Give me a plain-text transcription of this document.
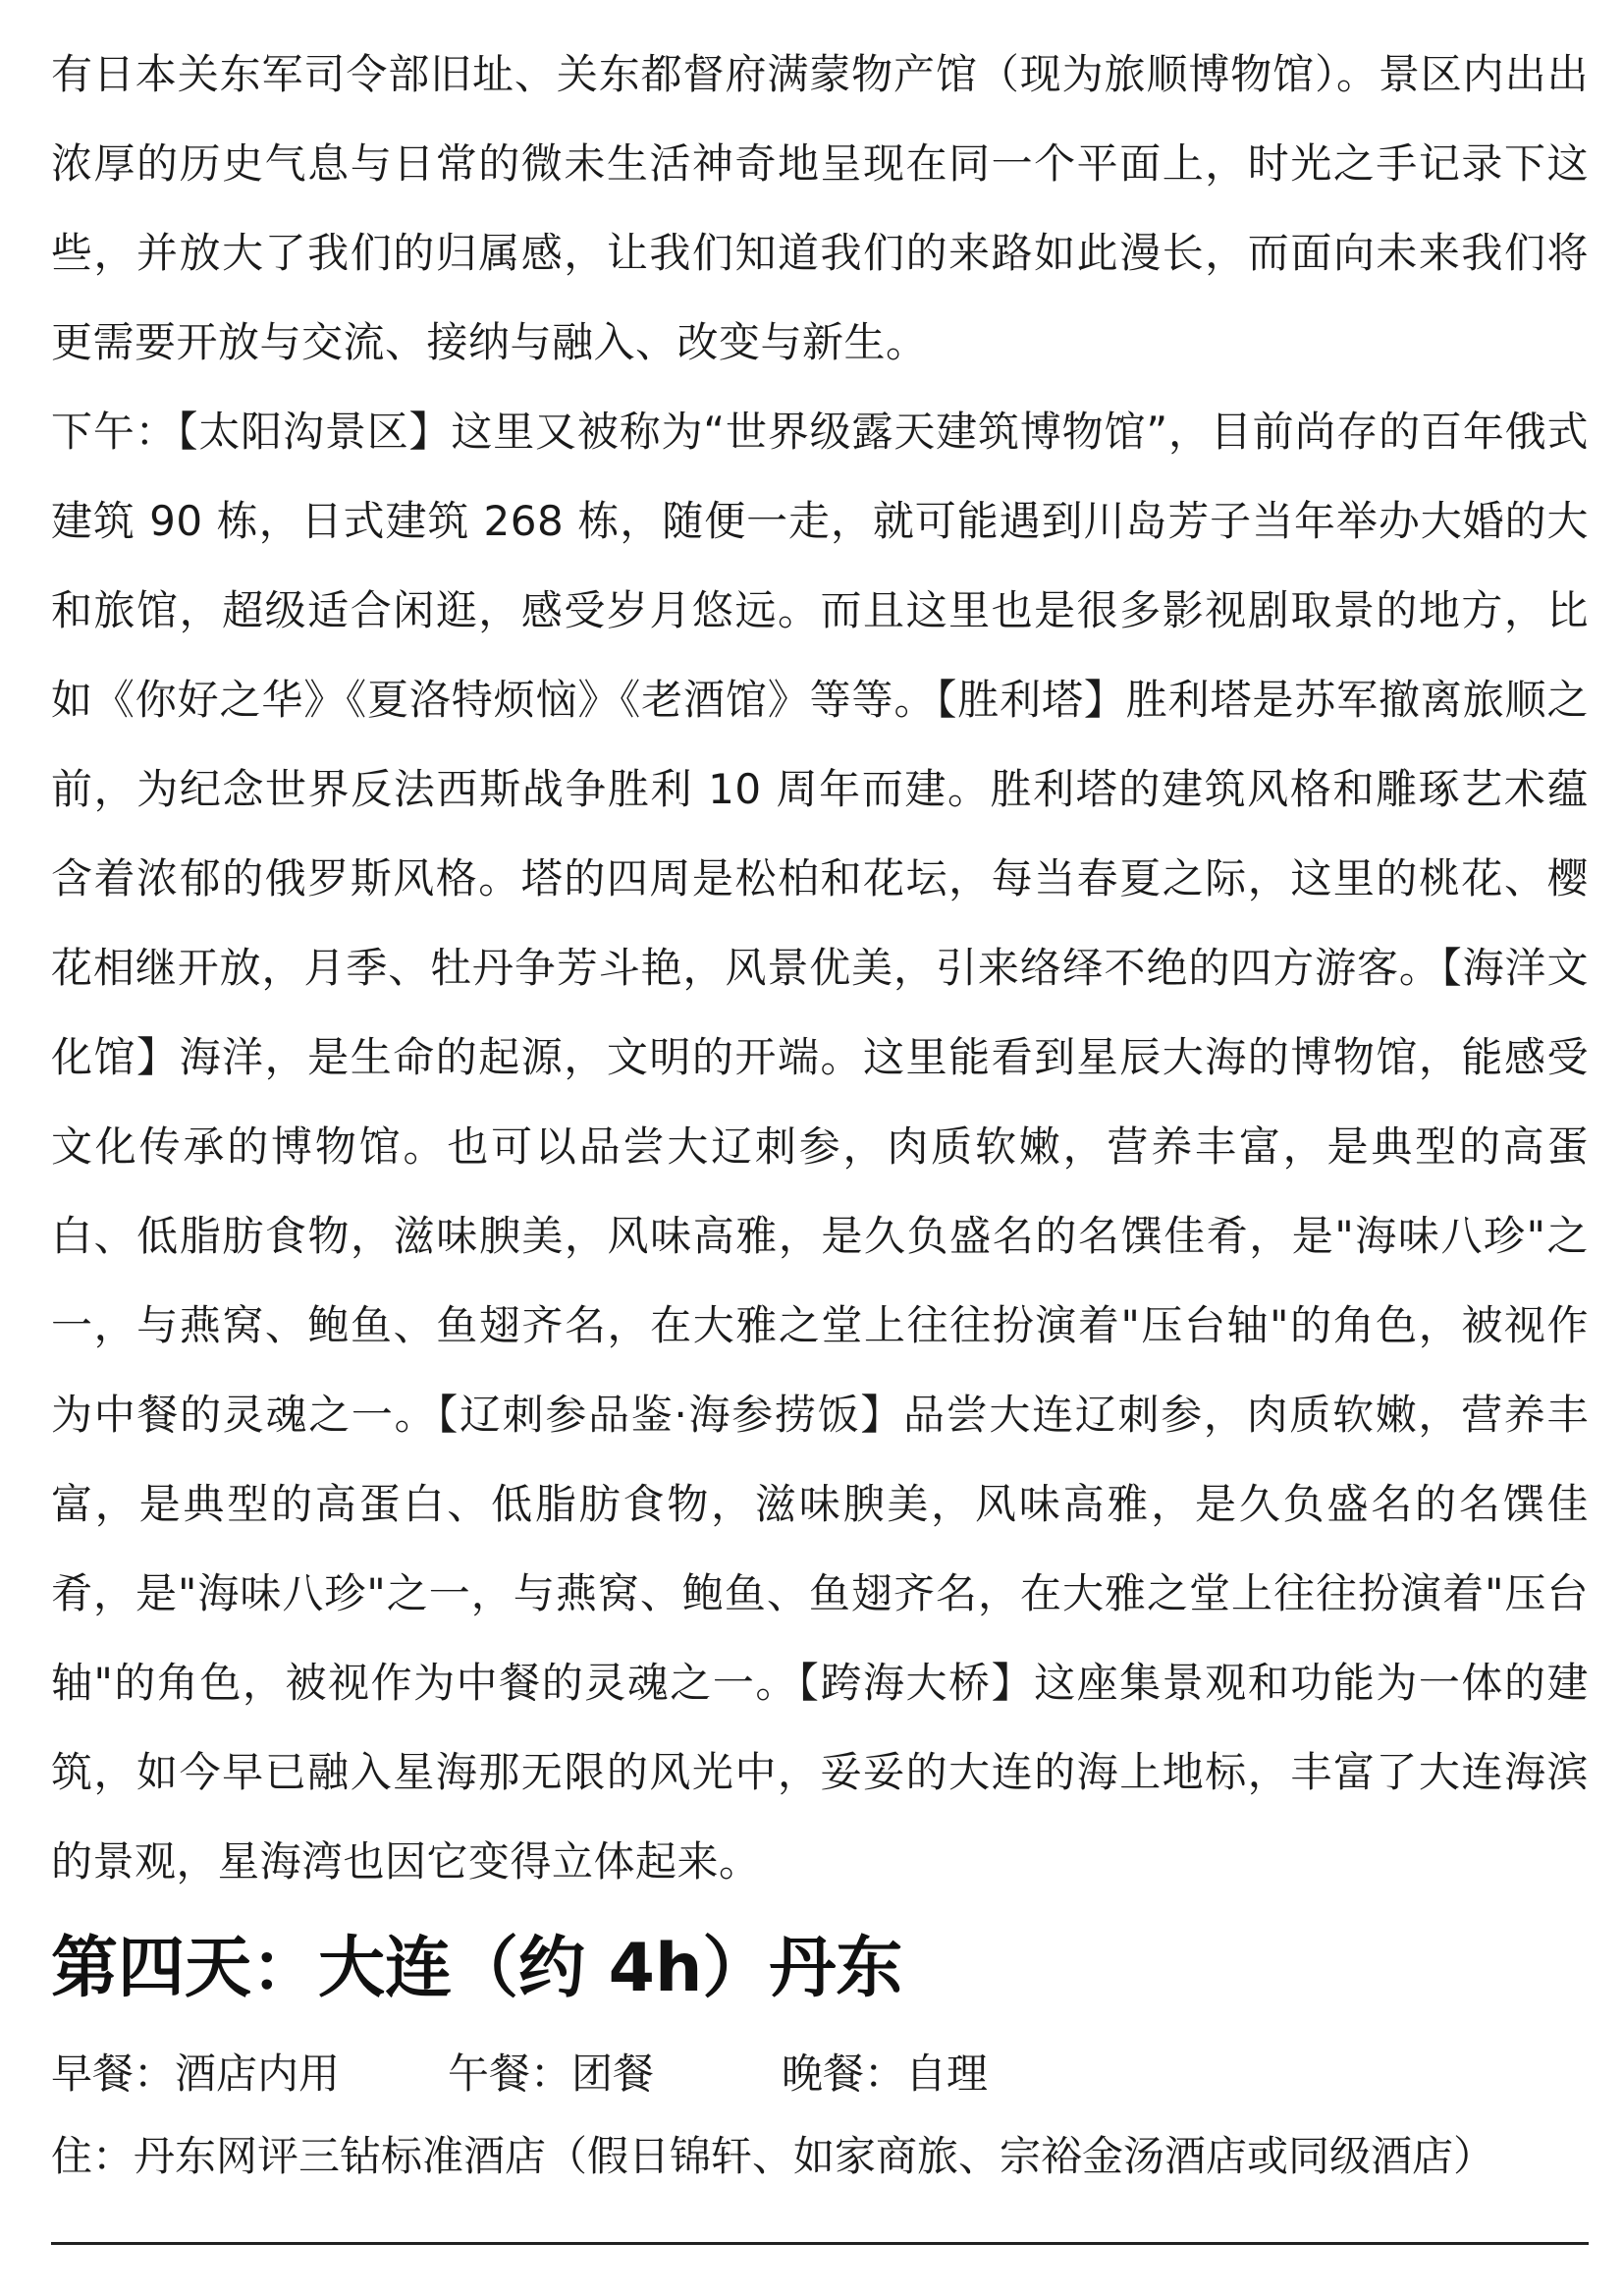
有日本关东军司令部旧址、关东都督府满蒙物产馆（现为旅顺博物馆）。景区内出出浓厚的历史气息与日常的微未生活神奇地呈现在同一个平面上，时光之手记录下这些，并放大了我们的归属感，让我们知道我们的来路如此漫长，而面向未来我们将更需要开放与交流、接纳与融入、改变与新生。

下午：【太阳沟景区】这里又被称为“世界级露天建筑博物馆”，目前尚存的百年俄式建筑 90 栋，日式建筑 268 栋，随便一走，就可能遇到川岛芳子当年举办大婚的大和旅馆，超级适合闲逛，感受岁月悠远。而且这里也是很多影视剧取景的地方，比如《你好之华》《夏洛特烦恼》《老酒馆》等等。【胜利塔】胜利塔是苏军撤离旅顺之前，为纪念世界反法西斯战争胜利 10 周年而建。胜利塔的建筑风格和雕琢艺术蕴含着浓郁的俄罗斯风格。塔的四周是松柏和花坛，每当春夏之际，这里的桃花、樱花相继开放，月季、牡丹争芳斗艳，风景优美，引来络绎不绝的四方游客。【海洋文化馆】海洋，是生命的起源，文明的开端。这里能看到星辰大海的博物馆，能感受文化传承的博物馆。也可以品尝大辽刺参，肉质软嫩，营养丰富，是典型的高蛋白、低脂肪食物，滋味腴美，风味高雅，是久负盛名的名馔佳肴，是"海味八珍"之一，与燕窝、鲍鱼、鱼翅齐名，在大雅之堂上往往扮演着"压台轴"的角色，被视作为中餐的灵魂之一。【辽刺参品鉴·海参捞饭】品尝大连辽刺参，肉质软嫩，营养丰富，是典型的高蛋白、低脂肪食物，滋味腴美，风味高雅，是久负盛名的名馔佳肴，是"海味八珍"之一，与燕窝、鲍鱼、鱼翅齐名，在大雅之堂上往往扮演着"压台轴"的角色，被视作为中餐的灵魂之一。【跨海大桥】这座集景观和功能为一体的建筑，如今早已融入星海那无限的风光中，妥妥的大连的海上地标，丰富了大连海滨的景观，星海湾也因它变得立体起来。

第四天：大连（约 4h）丹东

早餐：酒店内用	午餐：团餐	晚餐：自理

住：丹东网评三钻标准酒店（假日锦轩、如家商旅、宗裕金汤酒店或同级酒店）
